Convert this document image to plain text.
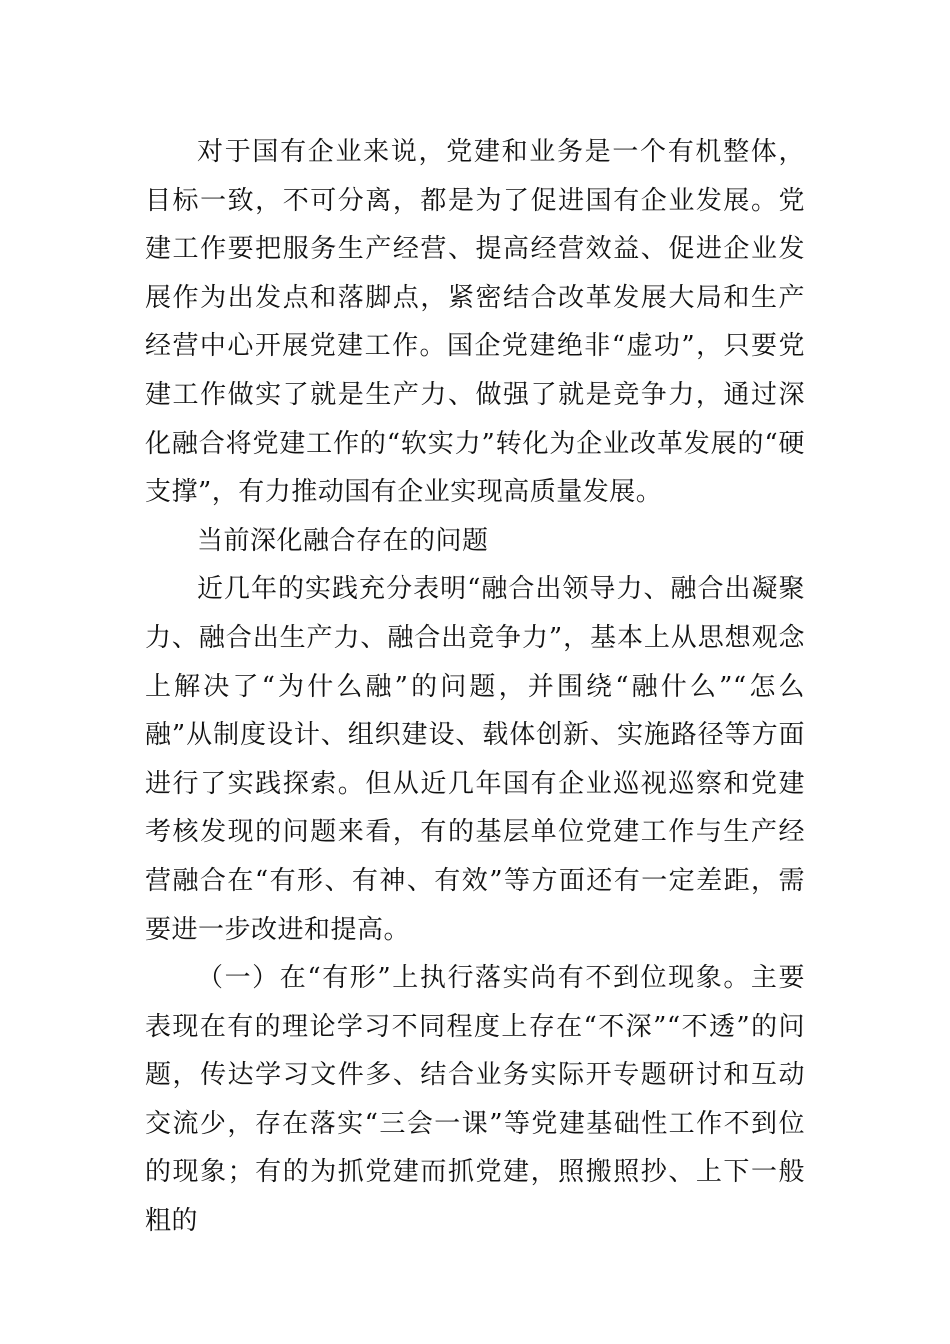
对于国有企业来说，党建和业务是一个有机整体，目标一致，不可分离，都是为了促进国有企业发展。党建工作要把服务生产经营、提高经营效益、促进企业发展作为出发点和落脚点，紧密结合改革发展大局和生产经营中心开展党建工作。国企党建绝非“虚功”，只要党建工作做实了就是生产力、做强了就是竞争力，通过深化融合将党建工作的“软实力”转化为企业改革发展的“硬支撑”，有力推动国有企业实现高质量发展。

当前深化融合存在的问题

近几年的实践充分表明“融合出领导力、融合出凝聚力、融合出生产力、融合出竞争力”，基本上从思想观念上解决了“为什么融”的问题，并围绕“融什么”“怎么融”从制度设计、组织建设、载体创新、实施路径等方面进行了实践探索。但从近几年国有企业巡视巡察和党建考核发现的问题来看，有的基层单位党建工作与生产经营融合在“有形、有神、有效”等方面还有一定差距，需要进一步改进和提高。

（一）在“有形”上执行落实尚有不到位现象。主要表现在有的理论学习不同程度上存在“不深”“不透”的问题，传达学习文件多、结合业务实际开专题研讨和互动交流少，存在落实“三会一课”等党建基础性工作不到位的现象；有的为抓党建而抓党建，照搬照抄、上下一般粗的
